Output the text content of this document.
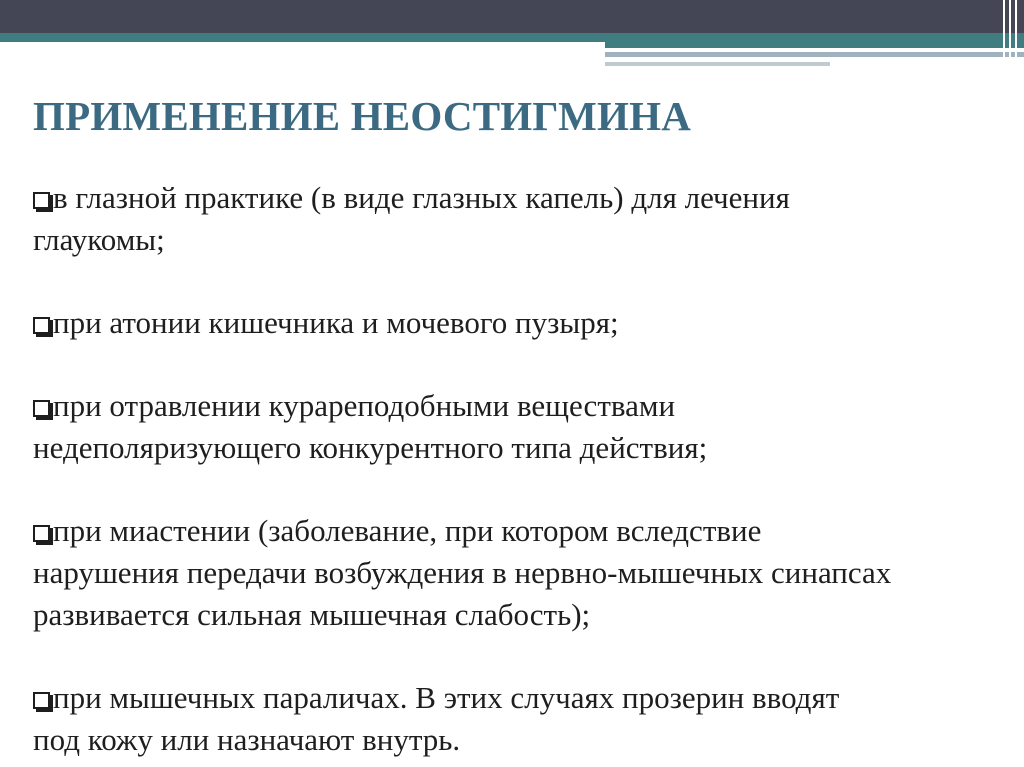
ПРИМЕНЕНИЕ НЕОСТИГМИНА
в глазной практике (в виде глазных капель) для лечения
глаукомы;
при атонии кишечника и мочевого пузыря;
при отравлении курареподобными веществами
недеполяризующего конкурентного типа действия;
при миастении (заболевание, при котором вследствие
нарушения передачи возбуждения в нервно-мышечных синапсах
развивается сильная мышечная слабость);
при мышечных параличах. В этих случаях прозерин вводят
под кожу или назначают внутрь.
